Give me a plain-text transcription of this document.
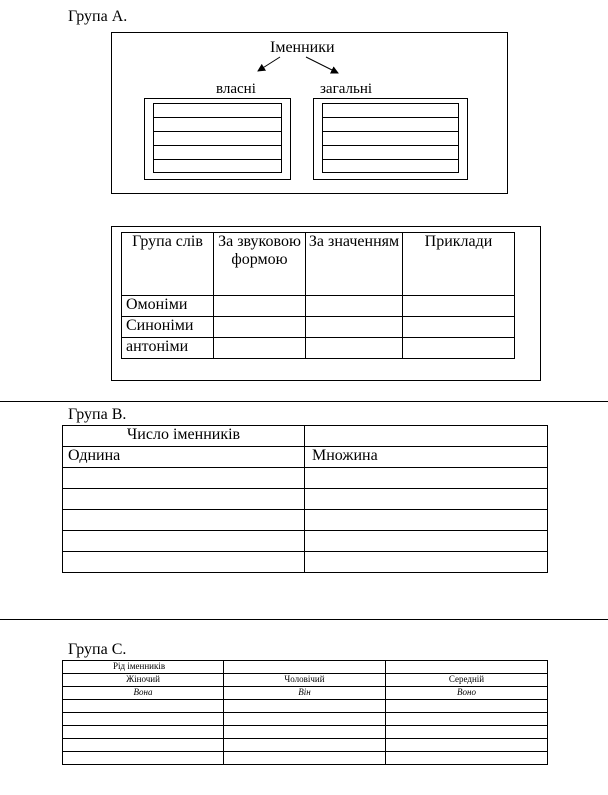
Група А.
Іменники
власні	загальні
Група слів	За звуковою формою	За значенням	Приклади
Омоніми			
Синоніми			
антоніми			
Група В.
Число іменників	
Однина	Множина

Група С.
Рід іменників		
Жіночий	Чоловічий	Середній
Вона	Він	Воно
